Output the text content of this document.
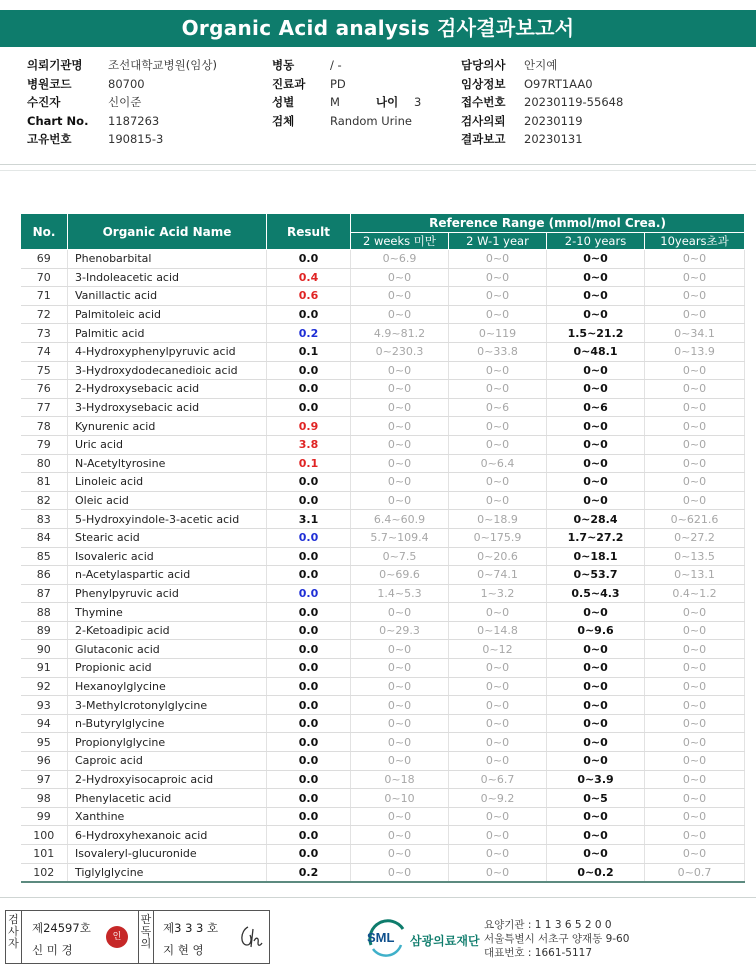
Organic Acid analysis 검사결과보고서
의뢰기관명 조선대학교병원(임상)
병원코드	80700
수진자	신이준
Chart No. 1187263
고유번호	190815-3
병동	/ -
진료과 PD
성별	M	나이 3
검체	Random Urine
담당의사 안지예
임상정보 O97RT1AA0
접수번호 20230119-55648
검사의뢰 20230119
결과보고 20230131
No.	Organic Acid Name	Result	Reference Range (mmol/mol Crea.)			
			2 weeks 미만	2 W-1 year	2-10 years	10years초과
69	Phenobarbital	0.0	0~6.9	0~0	0~0	0~0
70	3-Indoleacetic acid	0.4	0~0	0~0	0~0	0~0
71	Vanillactic acid	0.6	0~0	0~0	0~0	0~0
72	Palmitoleic acid	0.0	0~0	0~0	0~0	0~0
73	Palmitic acid	0.2	4.9~81.2	0~119	1.5~21.2	0~34.1
74	4-Hydroxyphenylpyruvic acid	0.1	0~230.3	0~33.8	0~48.1	0~13.9
75	3-Hydroxydodecanedioic acid	0.0	0~0	0~0	0~0	0~0
76	2-Hydroxysebacic acid	0.0	0~0	0~0	0~0	0~0
77	3-Hydroxysebacic acid	0.0	0~0	0~6	0~6	0~0
78	Kynurenic acid	0.9	0~0	0~0	0~0	0~0
79	Uric acid	3.8	0~0	0~0	0~0	0~0
80	N-Acetyltyrosine	0.1	0~0	0~6.4	0~0	0~0
81	Linoleic acid	0.0	0~0	0~0	0~0	0~0
82	Oleic acid	0.0	0~0	0~0	0~0	0~0
83	5-Hydroxyindole-3-acetic acid	3.1	6.4~60.9	0~18.9	0~28.4	0~621.6
84	Stearic acid	0.0	5.7~109.4	0~175.9	1.7~27.2	0~27.2
85	Isovaleric acid	0.0	0~7.5	0~20.6	0~18.1	0~13.5
86	n-Acetylaspartic acid	0.0	0~69.6	0~74.1	0~53.7	0~13.1
87	Phenylpyruvic acid	0.0	1.4~5.3	1~3.2	0.5~4.3	0.4~1.2
88	Thymine	0.0	0~0	0~0	0~0	0~0
89	2-Ketoadipic acid	0.0	0~29.3	0~14.8	0~9.6	0~0
90	Glutaconic acid	0.0	0~0	0~12	0~0	0~0
91	Propionic acid	0.0	0~0	0~0	0~0	0~0
92	Hexanoylglycine	0.0	0~0	0~0	0~0	0~0
93	3-Methylcrotonylglycine	0.0	0~0	0~0	0~0	0~0
94	n-Butyrylglycine	0.0	0~0	0~0	0~0	0~0
95	Propionylglycine	0.0	0~0	0~0	0~0	0~0
96	Caproic acid	0.0	0~0	0~0	0~0	0~0
97	2-Hydroxyisocaproic acid	0.0	0~18	0~6.7	0~3.9	0~0
98	Phenylacetic acid	0.0	0~10	0~9.2	0~5	0~0
99	Xanthine	0.0	0~0	0~0	0~0	0~0
100	6-Hydroxyhexanoic acid	0.0	0~0	0~0	0~0	0~0
101	Isovaleryl-glucuronide	0.0	0~0	0~0	0~0	0~0
102	Tiglylglycine	0.2	0~0	0~0	0~0.2	0~0.7
검사자
제24597호
신 미 경
인
판독의
제3 3 3 호
지 현 영
SML 삼광의료재단
요양기관 : 1 1 3 6 5 2 0 0
서울특별시 서초구 양재동 9-60
대표번호 : 1661-5117
